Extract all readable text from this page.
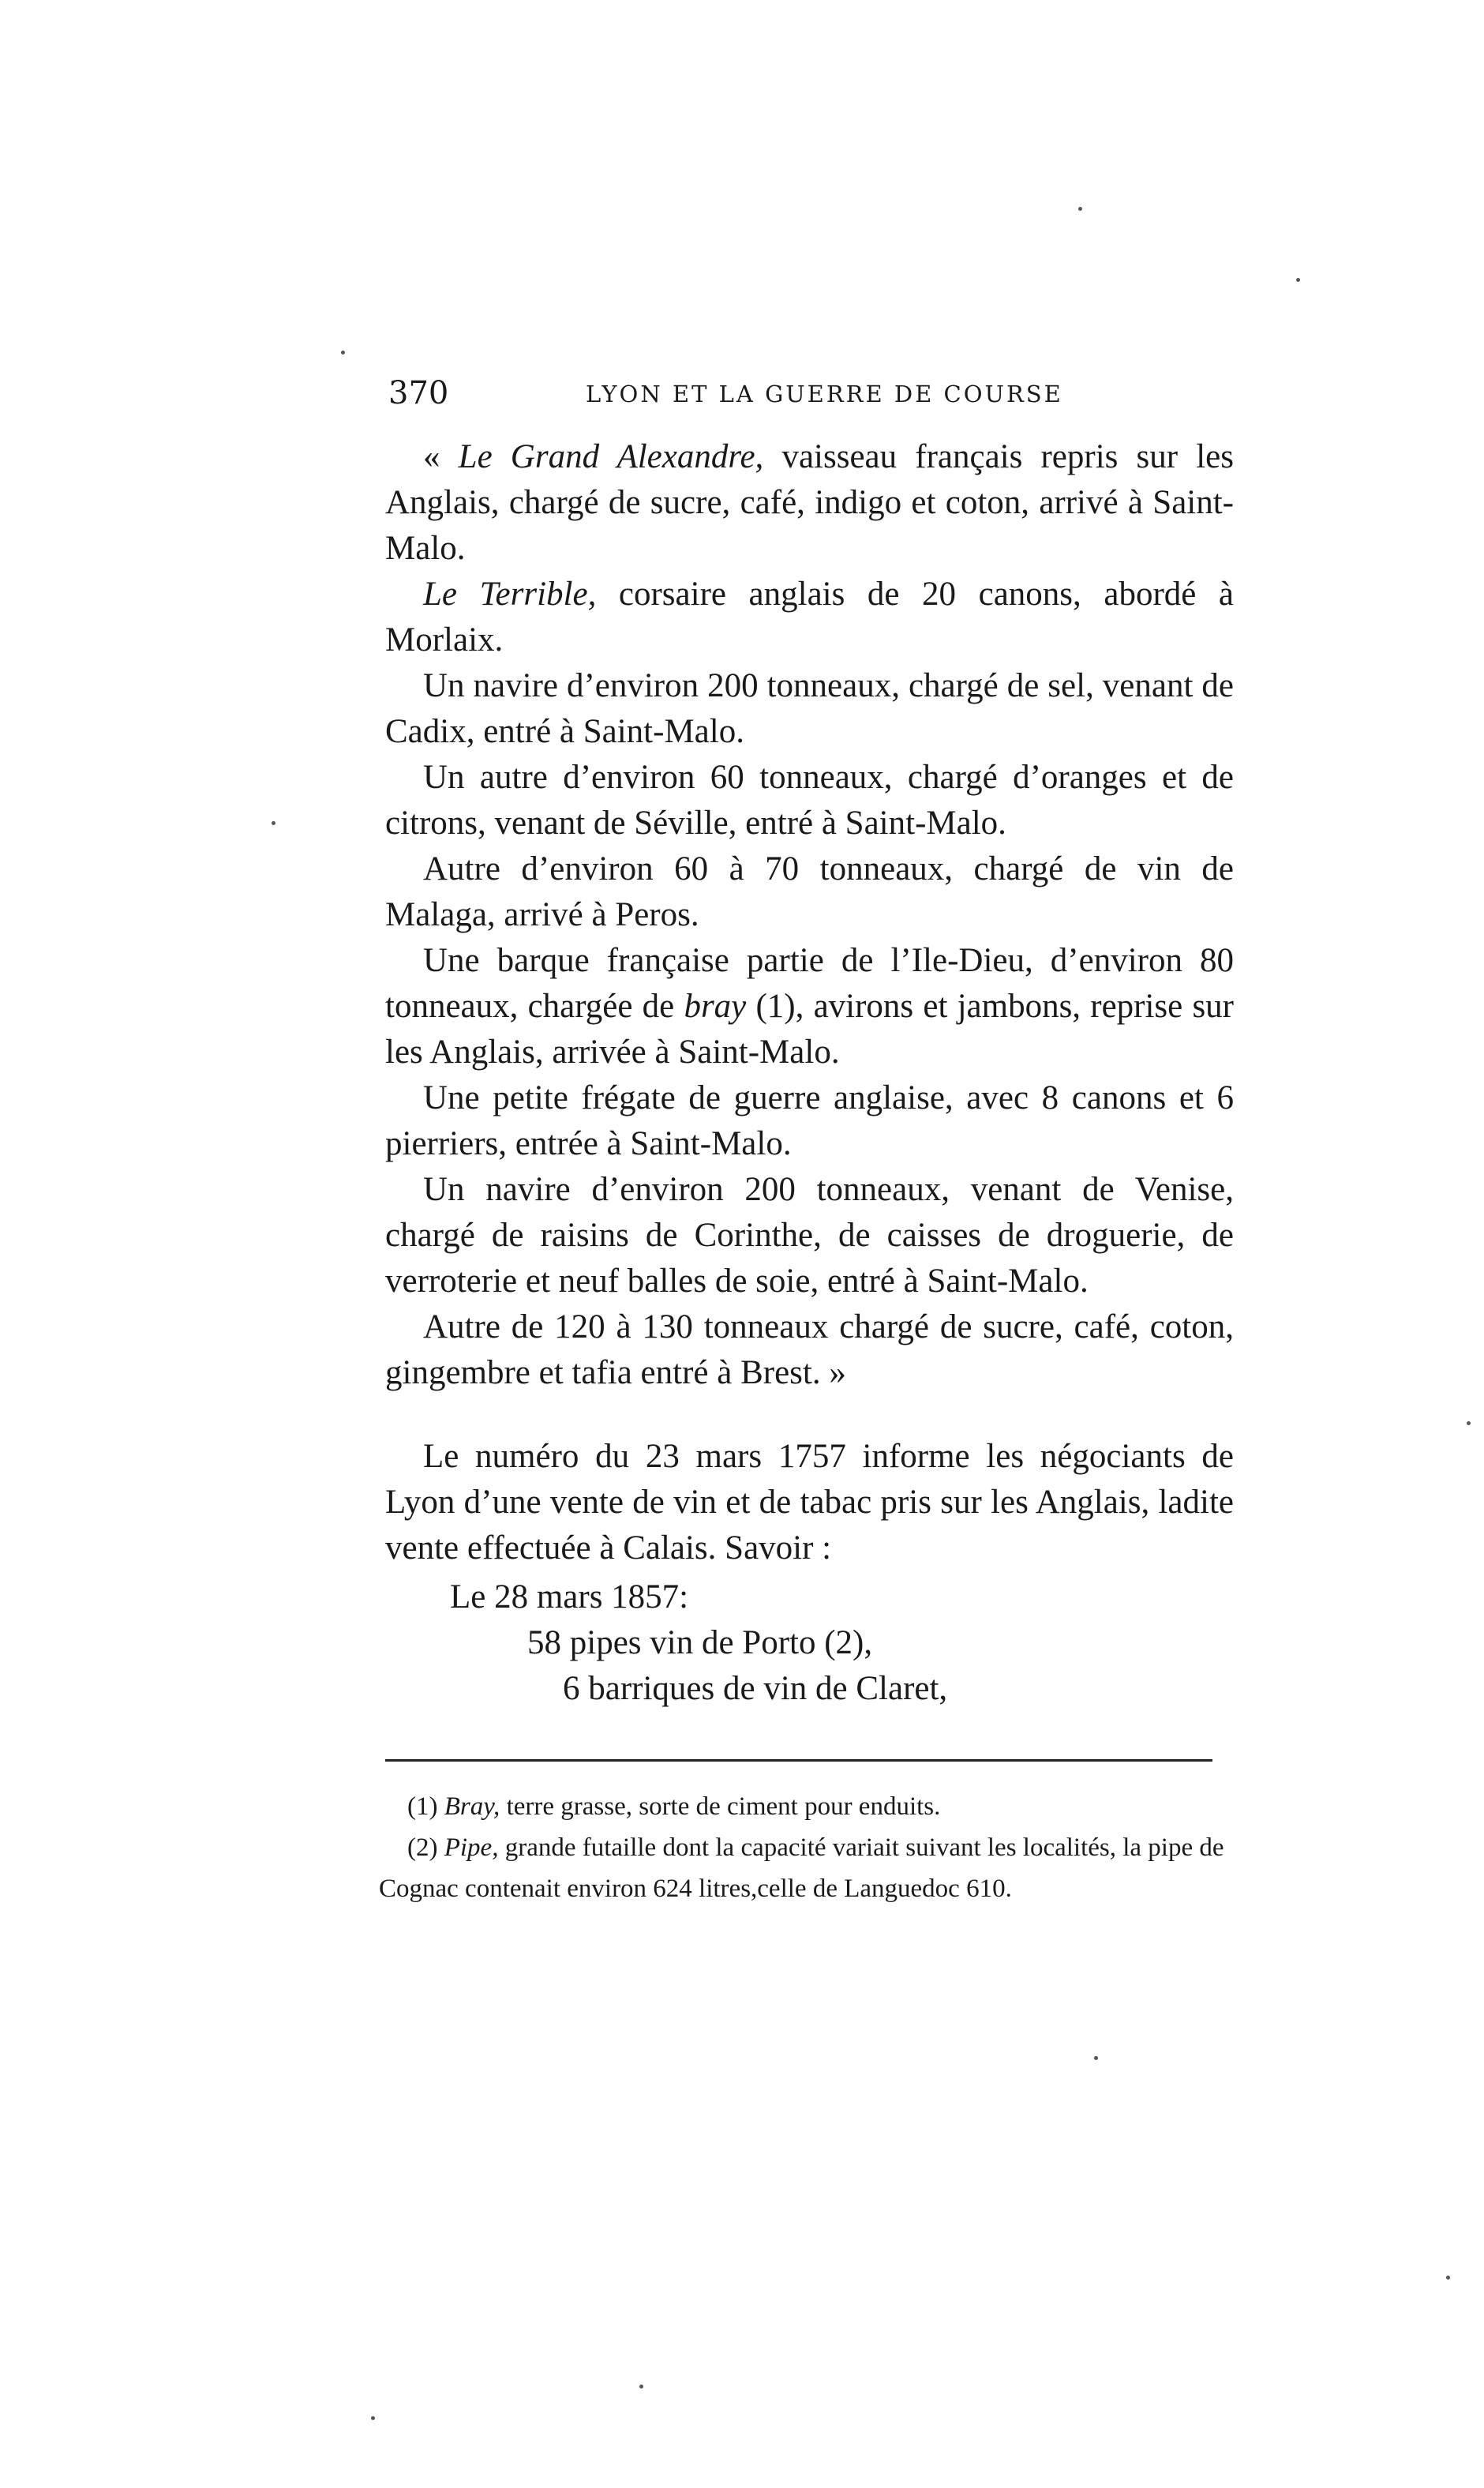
370	LYON ET LA GUERRE DE COURSE

« Le Grand Alexandre, vaisseau français repris sur les Anglais, chargé de sucre, café, indigo et coton, arrivé à Saint-Malo.

Le Terrible, corsaire anglais de 20 canons, abordé à Morlaix.

Un navire d’environ 200 tonneaux, chargé de sel, venant de Cadix, entré à Saint-Malo.

Un autre d’environ 60 tonneaux, chargé d’oranges et de citrons, venant de Séville, entré à Saint-Malo.

Autre d’environ 60 à 70 tonneaux, chargé de vin de Malaga, arrivé à Peros.

Une barque française partie de l’Ile-Dieu, d’environ 80 tonneaux, chargée de bray (1), avirons et jambons, reprise sur les Anglais, arrivée à Saint-Malo.

Une petite frégate de guerre anglaise, avec 8 canons et 6 pierriers, entrée à Saint-Malo.

Un navire d’environ 200 tonneaux, venant de Venise, chargé de raisins de Corinthe, de caisses de droguerie, de verroterie et neuf balles de soie, entré à Saint-Malo.

Autre de 120 à 130 tonneaux chargé de sucre, café, coton, gingembre et tafia entré à Brest. »

Le numéro du 23 mars 1757 informe les négociants de Lyon d’une vente de vin et de tabac pris sur les Anglais, ladite vente effectuée à Calais. Savoir :

Le 28 mars 1857:

58 pipes vin de Porto (2),

6 barriques de vin de Claret,

(1) Bray, terre grasse, sorte de ciment pour enduits.

(2) Pipe, grande futaille dont la capacité variait suivant les localités, la pipe de Cognac contenait environ 624 litres,celle de Languedoc 610.
